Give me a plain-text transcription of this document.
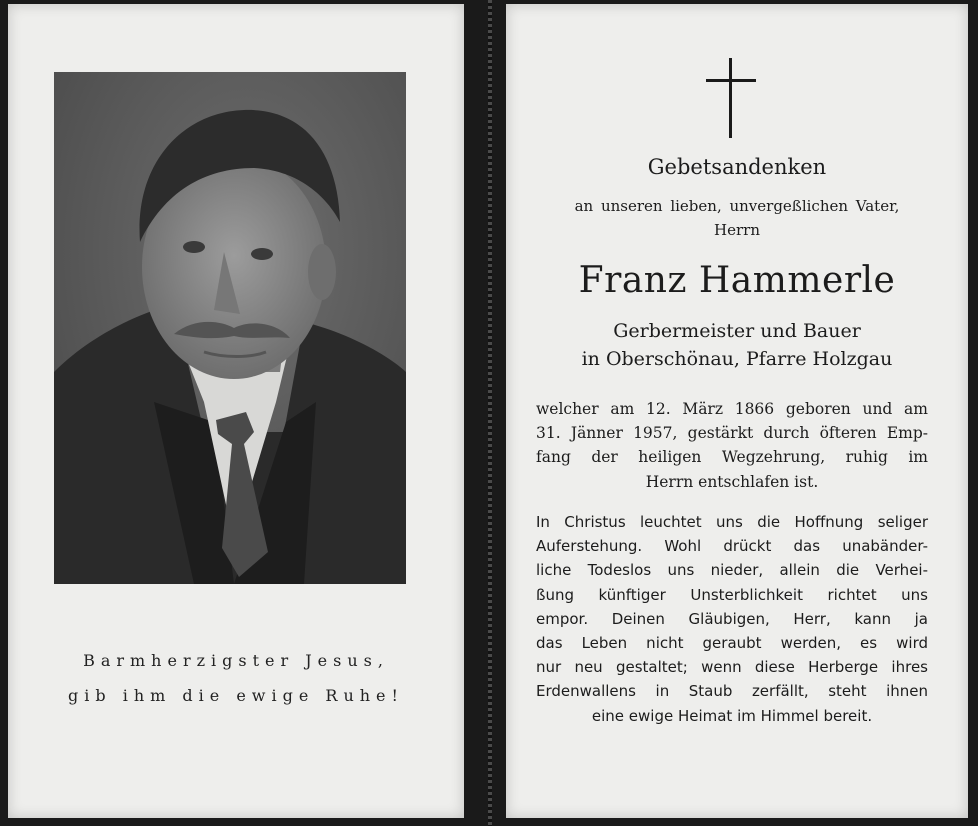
Barmherzigster Jesus,
gib ihm die ewige Ruhe!
Gebetsandenken
an unseren lieben, unvergeßlichen Vater,
Herrn
Franz Hammerle
Gerbermeister und Bauer
in Oberschönau, Pfarre Holzgau
welcher am 12. März 1866 geboren und am
31. Jänner 1957, gestärkt durch öfteren Emp-
fang der heiligen Wegzehrung, ruhig im
Herrn entschlafen ist.
In Christus leuchtet uns die Hoffnung seliger
Auferstehung. Wohl drückt das unabänder-
liche Todeslos uns nieder, allein die Verhei-
ßung künftiger Unsterblichkeit richtet uns
empor. Deinen Gläubigen, Herr, kann ja
das Leben nicht geraubt werden, es wird
nur neu gestaltet; wenn diese Herberge ihres
Erdenwallens in Staub zerfällt, steht ihnen
eine ewige Heimat im Himmel bereit.
